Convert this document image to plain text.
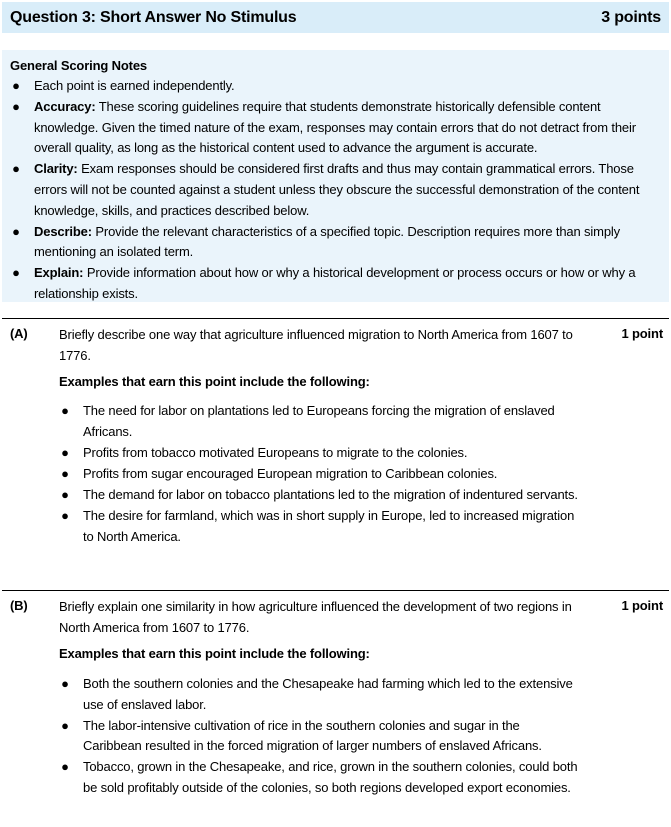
Question 3: Short Answer No Stimulus	3 points
General Scoring Notes
● Each point is earned independently.
● Accuracy: These scoring guidelines require that students demonstrate historically defensible content knowledge. Given the timed nature of the exam, responses may contain errors that do not detract from their overall quality, as long as the historical content used to advance the argument is accurate.
● Clarity: Exam responses should be considered first drafts and thus may contain grammatical errors. Those errors will not be counted against a student unless they obscure the successful demonstration of the content knowledge, skills, and practices described below.
● Describe: Provide the relevant characteristics of a specified topic. Description requires more than simply mentioning an isolated term.
● Explain: Provide information about how or why a historical development or process occurs or how or why a relationship exists.
(A)	1 point
Briefly describe one way that agriculture influenced migration to North America from 1607 to 1776.
Examples that earn this point include the following:
● The need for labor on plantations led to Europeans forcing the migration of enslaved Africans.
● Profits from tobacco motivated Europeans to migrate to the colonies.
● Profits from sugar encouraged European migration to Caribbean colonies.
● The demand for labor on tobacco plantations led to the migration of indentured servants.
● The desire for farmland, which was in short supply in Europe, led to increased migration to North America.
(B)	1 point
Briefly explain one similarity in how agriculture influenced the development of two regions in North America from 1607 to 1776.
Examples that earn this point include the following:
● Both the southern colonies and the Chesapeake had farming which led to the extensive use of enslaved labor.
● The labor-intensive cultivation of rice in the southern colonies and sugar in the Caribbean resulted in the forced migration of larger numbers of enslaved Africans.
● Tobacco, grown in the Chesapeake, and rice, grown in the southern colonies, could both be sold profitably outside of the colonies, so both regions developed export economies.
